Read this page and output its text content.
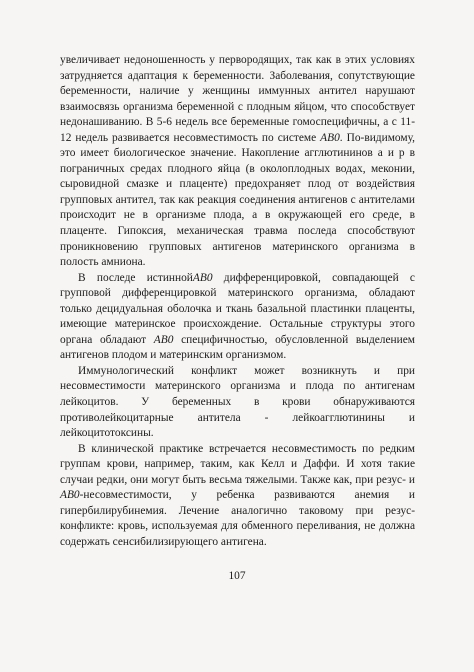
увеличивает недоношенность у первородящих, так как в этих условиях затрудняется адаптация к беременности. Заболевания, сопутствующие беременности, наличие у женщины иммунных антител нарушают взаимосвязь организма беременной с плодным яйцом, что способствует недонашиванию. В 5-6 недель все беременные гомоспецифичны, а с 11-12 недель развивается несовместимость по системе AB0. По-видимому, это имеет биологическое значение. Накопление агглютининов а и р в пограничных средах плодного яйца (в околоплодных водах, меконии, сыровидной смазке и плаценте) предохраняет плод от воздействия групповых антител, так как реакция соединения антигенов с антителами происходит не в организме плода, а в окружающей его среде, в плаценте. Гипоксия, механическая травма последа способствуют проникновению групповых антигенов материнского организма в полость амниона.

В последе истиннойAB0 дифференцировкой, совпадающей с групповой дифференцировкой материнского организма, обладают только децидуальная оболочка и ткань базальной пластинки плаценты, имеющие материнское происхождение. Остальные структуры этого органа обладают AB0 специфичностью, обусловленной выделением антигенов плодом и материнским организмом.

Иммунологический конфликт может возникнуть и при несовместимости материнского организма и плода по антигенам лейкоцитов. У беременных в крови обнаруживаются противолейкоцитарные антитела - лейкоагглютинины и лейкоцитотоксины.

В клинической практике встречается несовместимость по редким группам крови, например, таким, как Келл и Даффи. И хотя такие случаи редки, они могут быть весьма тяжелыми. Также как, при резус- и AB0-несовместимости, у ребенка развиваются анемия и гипербилирубинемия. Лечение аналогично таковому при резус-конфликте: кровь, используемая для обменного переливания, не должна содержать сенсибилизирующего антигена.

107
